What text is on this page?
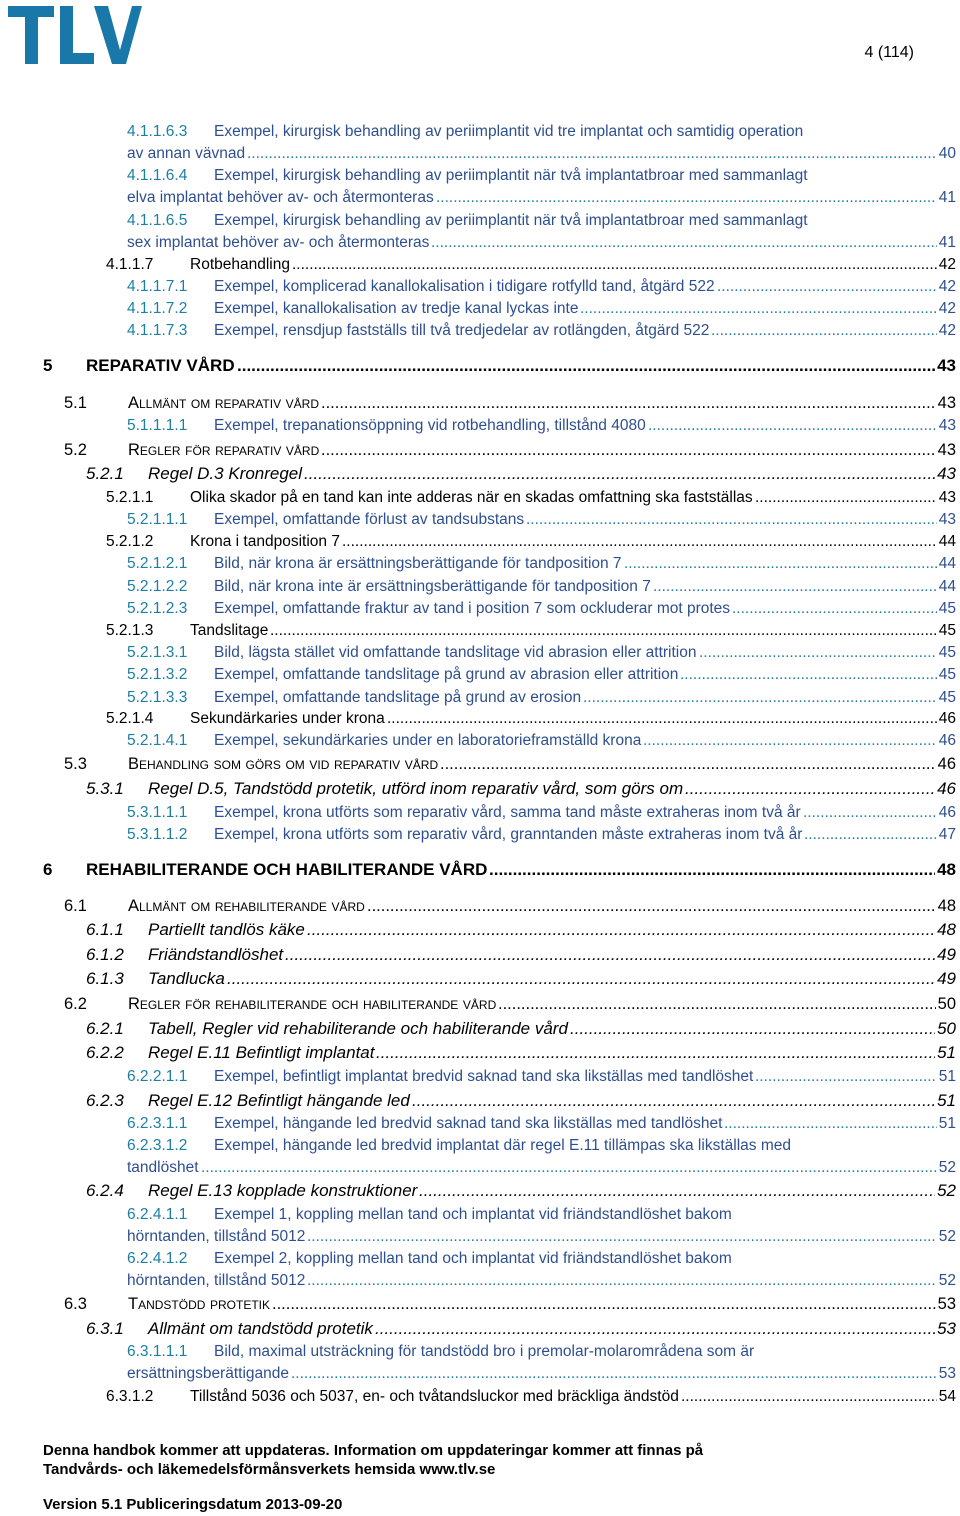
4 (114)
4.1.1.6.3 Exempel, kirurgisk behandling av periimplantit vid tre implantat och samtidig operation
av annan vävnad	40
.....
4.1.1.6.4 Exempel, kirurgisk behandling av periimplantit när två implantatbroar med sammanlagt
elva implantat behöver av- och återmonteras	41
.....
4.1.1.6.5 Exempel, kirurgisk behandling av periimplantit när två implantatbroar med sammanlagt
sex implantat behöver av- och återmonteras	41
.....
4.1.1.7 Rotbehandling	42
.....
4.1.1.7.1 Exempel, komplicerad kanallokalisation i tidigare rotfylld tand, åtgärd 522	42
.....
4.1.1.7.2 Exempel, kanallokalisation av tredje kanal lyckas inte	42
.....
4.1.1.7.3 Exempel, rensdjup fastställs till två tredjedelar av rotlängden, åtgärd 522	42
.....
5 REPARATIV VÅRD	43
.....
5.1 Allmänt om reparativ vård	43
.....
5.1.1.1.1 Exempel, trepanationsöppning vid rotbehandling, tillstånd 4080	43
.....
5.2 Regler för reparativ vård	43
.....
5.2.1 Regel D.3 Kronregel	43
.....
5.2.1.1 Olika skador på en tand kan inte adderas när en skadas omfattning ska fastställas	43
.....
5.2.1.1.1 Exempel, omfattande förlust av tandsubstans	43
.....
5.2.1.2 Krona i tandposition 7	44
.....
5.2.1.2.1 Bild, när krona är ersättningsberättigande för tandposition 7	44
.....
5.2.1.2.2 Bild, när krona inte är ersättningsberättigande för tandposition 7	44
.....
5.2.1.2.3 Exempel, omfattande fraktur av tand i position 7 som ockluderar mot protes	45
.....
5.2.1.3 Tandslitage	45
.....
5.2.1.3.1 Bild, lägsta stället vid omfattande tandslitage vid abrasion eller attrition	45
.....
5.2.1.3.2 Exempel, omfattande tandslitage på grund av abrasion eller attrition	45
.....
5.2.1.3.3 Exempel, omfattande tandslitage på grund av erosion	45
.....
5.2.1.4 Sekundärkaries under krona	46
.....
5.2.1.4.1 Exempel, sekundärkaries under en laboratorieframställd krona	46
.....
5.3 Behandling som görs om vid reparativ vård	46
.....
5.3.1 Regel D.5, Tandstödd protetik, utförd inom reparativ vård, som görs om	46
.....
5.3.1.1.1 Exempel, krona utförts som reparativ vård, samma tand måste extraheras inom två år	46
.....
5.3.1.1.2 Exempel, krona utförts som reparativ vård, granntanden måste extraheras inom två år	47
.....
6 REHABILITERANDE OCH HABILITERANDE VÅRD	48
.....
6.1 Allmänt om rehabiliterande vård	48
.....
6.1.1 Partiellt tandlös käke	48
.....
6.1.2 Friändstandlöshet	49
.....
6.1.3 Tandlucka	49
.....
6.2 Regler för rehabiliterande och habiliterande vård	50
.....
6.2.1 Tabell, Regler vid rehabiliterande och habiliterande vård	50
.....
6.2.2 Regel E.11 Befintligt implantat	51
.....
6.2.2.1.1 Exempel, befintligt implantat bredvid saknad tand ska likställas med tandlöshet	51
.....
6.2.3 Regel E.12 Befintligt hängande led	51
.....
6.2.3.1.1 Exempel, hängande led bredvid saknad tand ska likställas med tandlöshet	51
.....
6.2.3.1.2 Exempel, hängande led bredvid implantat där regel E.11 tillämpas ska likställas med
tandlöshet	52
.....
6.2.4 Regel E.13 kopplade konstruktioner	52
.....
6.2.4.1.1 Exempel 1, koppling mellan tand och implantat vid friändstandlöshet bakom
hörntanden, tillstånd 5012	52
.....
6.2.4.1.2 Exempel 2, koppling mellan tand och implantat vid friändstandlöshet bakom
hörntanden, tillstånd 5012	52
.....
6.3 Tandstödd protetik	53
.....
6.3.1 Allmänt om tandstödd protetik	53
.....
6.3.1.1.1 Bild, maximal utsträckning för tandstödd bro i premolar-molarområdena som är
ersättningsberättigande	53
.....
6.3.1.2 Tillstånd 5036 och 5037, en- och tvåtandsluckor med bräckliga ändstöd	54
.....
Denna handbok kommer att uppdateras. Information om uppdateringar kommer att finnas på
Tandvårds- och läkemedelsförmånsverkets hemsida www.tlv.se
Version 5.1 Publiceringsdatum 2013-09-20
